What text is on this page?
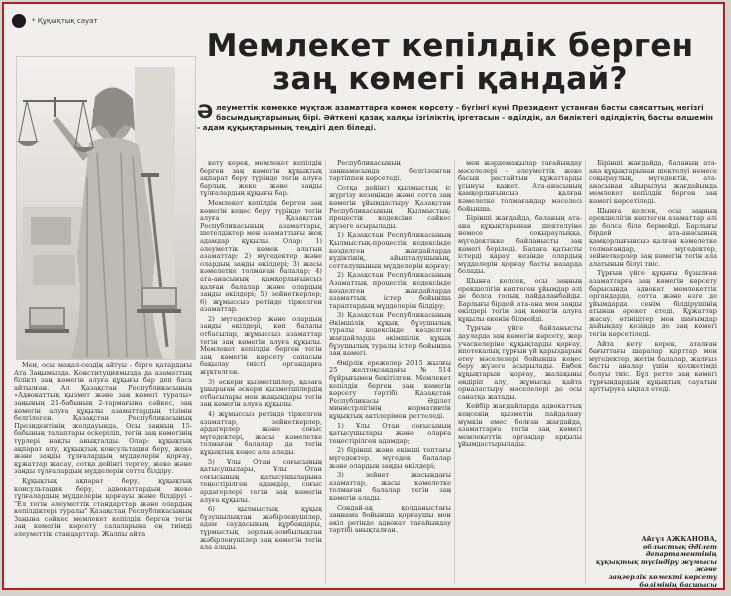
* Құқықтық сауат
Мемлекет кепілдік берген
заң көмегі қандай?
Әлеуметтік көмекке мұқтаж азаматтарға көмек көрсету - бүгінгі күні Президент ұстанған басты саясаттың негізгі басымдықтарының бірі. Әйткені қазақ халқы ізгіліктің іргетасын - әділдік, ал биліктегі әділдіктің басты өлшемін - адам құқықтарының теңдігі деп біледі.

Мен, осы мақал-сөздің айтуы - бірге қатардағы Ата Заңымызда. Конституциямызда да азаматтың білікті заң көмегін алуға құқығы бар деп баса айтылған. Ал Қазақстан Республикасының «Адвокаттық қызмет және заң көмегі туралы» заңының 21-бабының 2-тармағына сәйкес, заң көмегін алуға құқылы азаматтардың тізімін белгілеген. Қазақстан Республикасының Президентінің жолдауында, Осы заңның 15-бабының талаптары ескеріліп, тегін заң көмегінің түрлері нақты анықталды. Олар: құқықтық ақпарат алу, құқықтық консультация беру, жеке және заңды тұлғалардың мүдделерін қорғау, құжаттар жасау, сотқа дейінгі тергеу, жеке және заңды тұлғалардың мүдделерін сотта білдіру.

Құқықтық ақпарат беру, құқықтық консультация беру, адвокаттардың жеке тұлғалардың мүдделерін қорғауы және білдіруі - "Ел тегін әлеуметтік стандарттар және олардың кепілдіктері туралы" Қазақстан Республикасының Заңына сәйкес мемлекет кепілдік берген тегін заң көмегін көрсету салаларына ең тиімді әлеуметтік стандарттар. Жалпы айта

кету керек, мемлекет кепілдік берген заң көмегін құқықтық ақпарат беру түрінде тегін алуға барлық жеке және заңды тұлғалардың құқығы бар.

Мемлекет кепілдік берген заң көмегін кеңес беру түрінде тегін алуға Қазақстан Республикасының азаматтары, шетелдіктер мен азаматтығы жоқ адамдар құқылы. Олар: 1) әлеуметтік көмек алатын азаматтар; 2) мүгедектер және олардың заңды өкілдері; 3) жасы кәмелетке толмаған балалар; 4) ата-анасының қамқорлығынсыз қалған балалар және олардың заңды өкілдері; 5) зейнеткерлер; 6) жұмыссыз ретінде тіркелген азаматтар.

2) мүгедектер және олардың заңды өкілдері, көп балалы отбасылар, жұмыссыз азаматтар тегін заң көмегін алуға құқылы. Мемлекет кепілдік берген тегін заң көмегін көрсету сапасын бақылау тиісті органдарға жүктелген.

3) әскери қызметшілер, қазаға ұшыраған әскери қызметшілердің отбасылары мен жақындары тегін заң көмегін алуға құқылы.

4) жұмыссыз ретінде тіркелген азаматтар, зейнеткерлер, ардагерлер және соғыс мүгедектері, жасы кәмелетке толмаған балалар да тегін құқықтық кеңес ала алады.

5) Ұлы Отан соғысының қатысушылары, Ұлы Отан соғысының қатысушыларына теңестірілген адамдар, соғыс ардагерлері тегін заң көмегін алуға құқылы.

6) қылмыстық құқық бұзушылықтан жәбірленушілер, адам саудасының құрбандары, тұрмыстық зорлық-зомбылықтан жәбірленушілер заң көмегін тегін ала алады.

Республикасының заңнамасында белгіленген тәртіппен көрсетеді.

Сотқа дейінгі қылмыстық іс жүргізу кезеңінде және сотта заң көмегін ұйымдастыру Қазақстан Республикасының Қылмыстық-процестік кодексіне сәйкес жүзеге асырылады.

1) Қазақстан Республикасының Қылмыстық-процестік кодексінде көзделген жағдайларда күдіктінің, айыпталушының, сотталушының мүдделерін қорғау;

2) Қазақстан Республикасының Азаматтық процестік кодексінде көзделген жағдайларда азаматтық істер бойынша тараптардың мүдделерін білдіру;

3) Қазақстан Республикасының Әкімшілік құқық бұзушылық туралы кодексінде көзделген жағдайларда әкімшілік құқық бұзушылық туралы істер бойынша заң көмегі.

Өңірлік ережелер 2015 жылғы 25 желтоқсандағы №514 бұйрығымен бекітілген. Мемлекет кепілдік берген заң көмегін көрсету тәртібі Қазақстан Республикасы Әділет министрлігінің нормативтік құқықтық актілерімен реттеледі.

1) Ұлы Отан соғысының қатысушылары және оларға теңестірілген адамдар;

2) бірінші және екінші топтағы мүгедектер, мүгедек балалар және олардың заңды өкілдері;

3) зейнет жасындағы азаматтар, жасы кәмелетке толмаған балалар тегін заң көмегін алады.

Сондай-ақ қолданыстағы заңнама бойынша қорғаушы мен өкіл ретінде адвокат тағайындау тәртібі анықталған.

мен жәрдемақылар тағайындау мәселелері - әлеуметтік жеке басын растайтын құжаттарды ұсынуы қажет. Ата-анасының қамқорлығынсыз қалған кәмелетке толмағандар мәселесі бойынша.

Бірінші жағдайда, баланың ата-ана құқықтарынан шектелуіне немесе соқыраулыққа, мүгедектікке байланысты заң көмегі беріледі. Балаға қатысты істерді қарау кезінде олардың мүдделерін қорғау басты назарда болады.

Шынға келсек, осы заңның ерекшелігін көптеген ұйымдар әлі де болса толық пайдаланбайды. Барлығы бірдей ата-ана мен заңды өкілдері тегін заң көмегін алуға құқылы екенін білмейді.

Тұрғын үйге байланысты дауларда заң көмегін көрсету, жер учаскелеріне құқықтарды қорғау, ипотекалық тұрғын үй қарыздарын өтеу мәселелері бойынша кеңес беру жүзеге асырылады. Еңбек құқықтарын қорғау, жалақыны өндіріп алу, жұмысқа қайта орналастыру мәселелері де осы санатқа жатады.

Кейбір жағдайларда адвокаттық кеңсенің қызметін пайдалану мүмкін емес болған жағдайда, азаматтарға тегін заң көмегі мемлекеттік органдар арқылы ұйымдастырылады.

Бірінші жағдайда, баланың ата-ана құқықтарынан шектелуі немесе соқыраулық, мүгедектік, ата-анасынан айырылуы жағдайында мемлекет кепілдік берген заң көмегі көрсетіледі.

Шынға келсек, осы заңның ерекшелігін көптеген азаматтар әлі де болса біле бермейді. Барлығы бірдей ата-анасының қамқорлығынсыз қалған кәмелетке толмағандар, мүгедектер, зейнеткерлер заң көмегін тегін ала алатынын білуі тиіс.

Тұрғын үйге құқығы бұзылған азаматтарға заң көмегін көрсету барысында адвокат мемлекеттік органдарда, сотта және өзге де ұйымдарда сенім білдірушінің атынан әрекет етеді. Құжаттар жасау, өтініштер мен шағымдар дайындау кезінде де заң көмегі тегін көрсетіледі.

Айта кету керек, аталған бағыттағы шаралар қарттар мен мүгедектер, жетім балалар, жалғыз басты аналар үшін қолжетімді болуы тиіс. Бұл ретте заң көмегі тұрғындардың құқықтық сауатын арттыруға ықпал етеді.

Айгүл АЖКАНОВА,
облыстық Әділет департаментінің
құқықтық түсіндіру жұмысы және
заңгерлік көмекті көрсету бөлімінің басшысы
